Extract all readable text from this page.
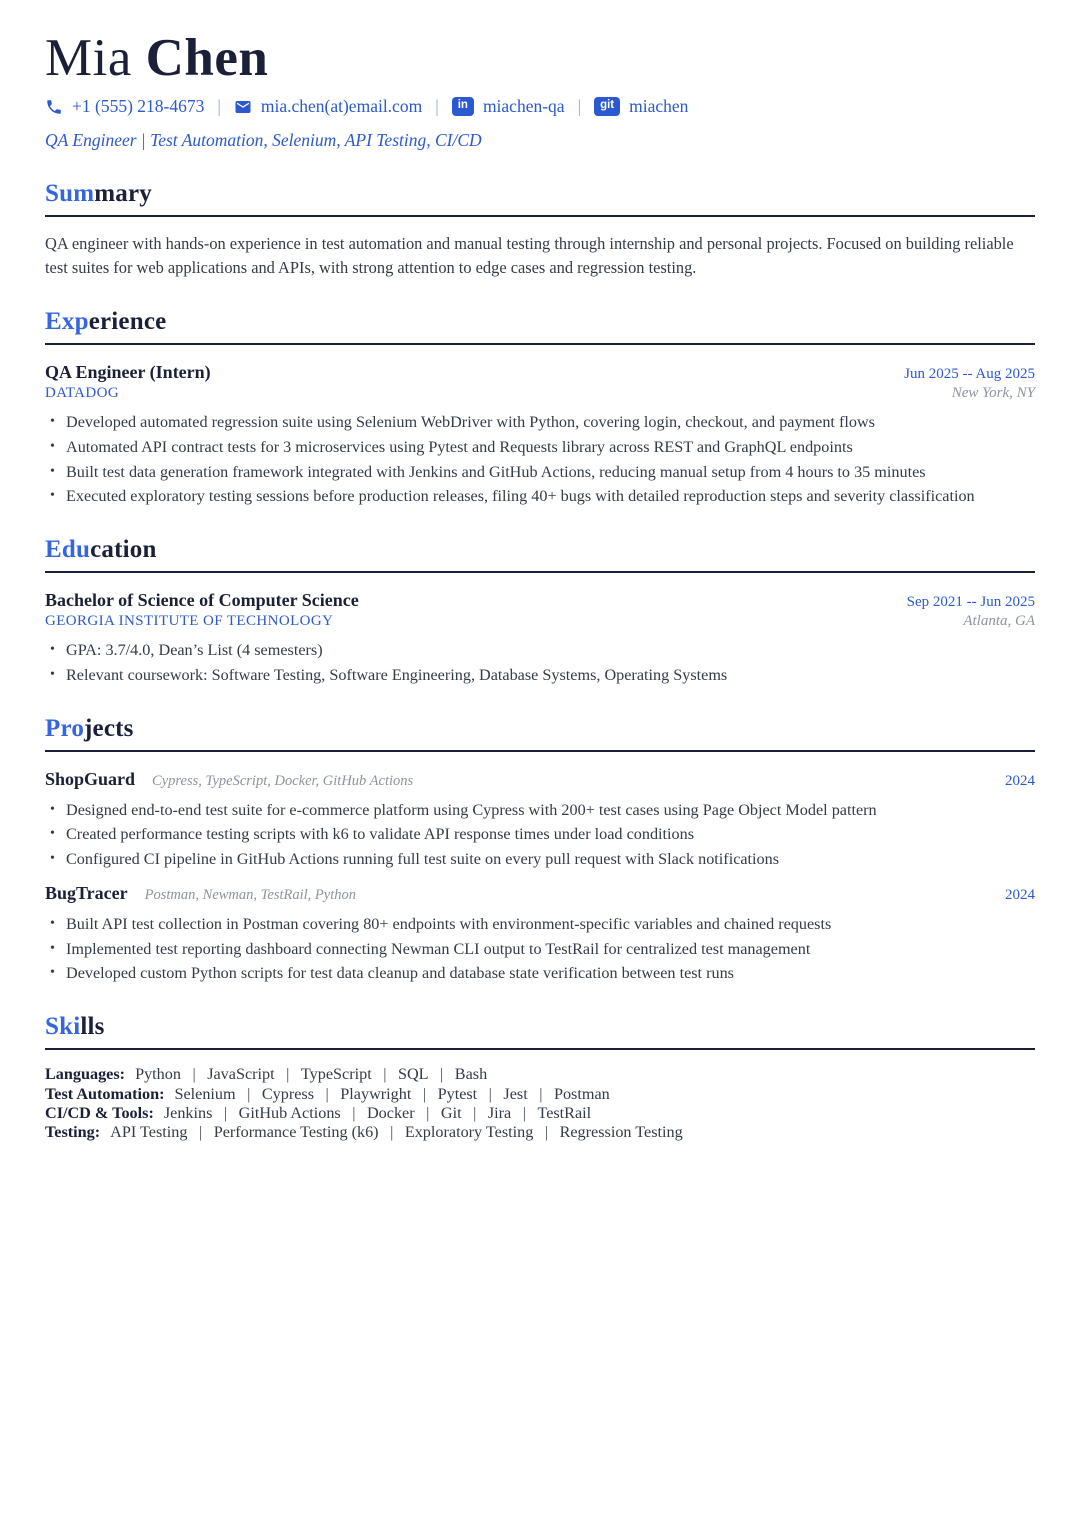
Mia Chen
+1 (555) 218-4673 | mia.chen(at)email.com |	in miachen-qa |	git miachen
QA Engineer | Test Automation, Selenium, API Testing, CI/CD
Summary

QA engineer with hands-on experience in test automation and manual testing through internship and personal projects. Focused on building reliable test suites for web applications and APIs, with strong attention to edge cases and regression testing.

Experience
QA Engineer (Intern)	Jun 2025 -- Aug 2025
DATADOG	New York, NY
• Developed automated regression suite using Selenium WebDriver with Python, covering login, checkout, and payment flows
• Automated API contract tests for 3 microservices using Pytest and Requests library across REST and GraphQL endpoints
• Built test data generation framework integrated with Jenkins and GitHub Actions, reducing manual setup from 4 hours to 35 minutes
• Executed exploratory testing sessions before production releases, filing 40+ bugs with detailed reproduction steps and severity classification
Education
Bachelor of Science of Computer Science	Sep 2021 -- Jun 2025
GEORGIA INSTITUTE OF TECHNOLOGY	Atlanta, GA
• GPA: 3.7/4.0, Dean’s List (4 semesters)
• Relevant coursework: Software Testing, Software Engineering, Database Systems, Operating Systems
Projects
ShopGuard Cypress, TypeScript, Docker, GitHub Actions	2024
• Designed end-to-end test suite for e-commerce platform using Cypress with 200+ test cases using Page Object Model pattern
• Created performance testing scripts with k6 to validate API response times under load conditions
• Configured CI pipeline in GitHub Actions running full test suite on every pull request with Slack notifications
BugTracer Postman, Newman, TestRail, Python	2024
• Built API test collection in Postman covering 80+ endpoints with environment-specific variables and chained requests
• Implemented test reporting dashboard connecting Newman CLI output to TestRail for centralized test management
• Developed custom Python scripts for test data cleanup and database state verification between test runs
Skills
Languages: Python | JavaScript | TypeScript | SQL | Bash
Test Automation: Selenium | Cypress | Playwright | Pytest | Jest | Postman
CI/CD & Tools: Jenkins | GitHub Actions | Docker | Git | Jira | TestRail
Testing: API Testing | Performance Testing (k6) | Exploratory Testing | Regression Testing
